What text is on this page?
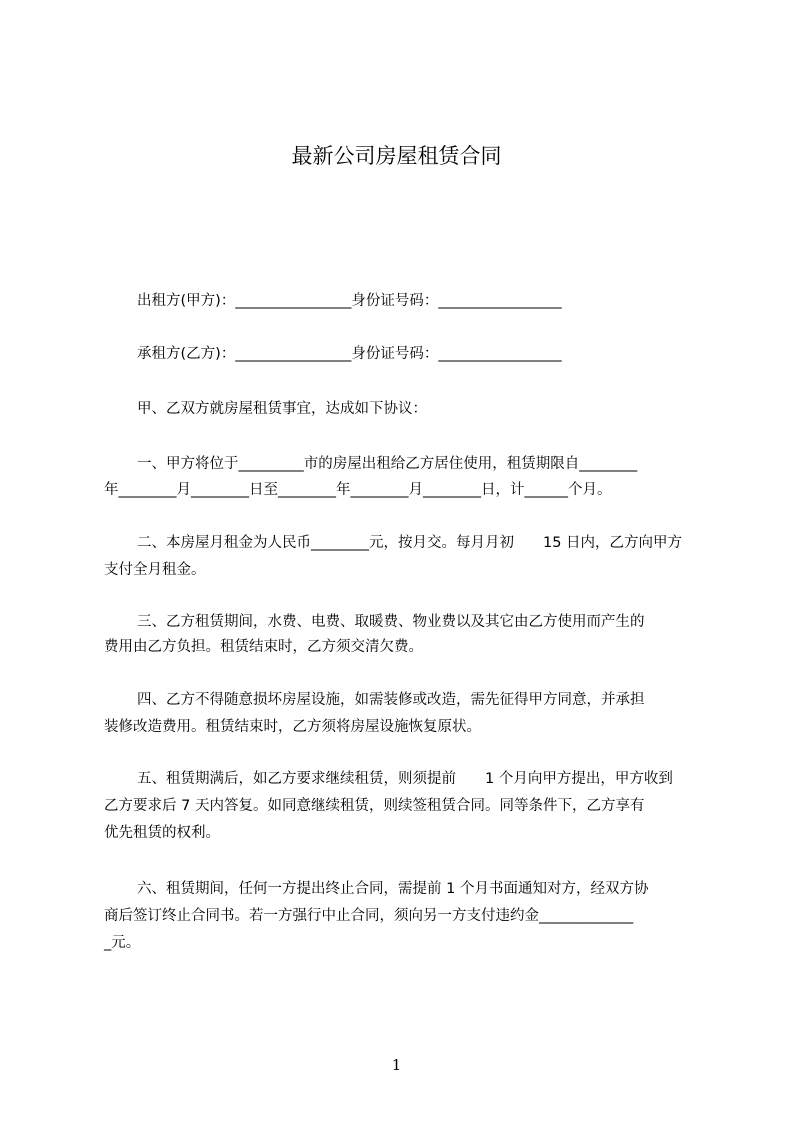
最新公司房屋租赁合同
出租方(甲方)：________________身份证号码：_________________
承租方(乙方)：________________身份证号码：_________________
甲、乙双方就房屋租赁事宜，达成如下协议：
一、甲方将位于_________市的房屋出租给乙方居住使用，租赁期限自________
年________月________日至________年________月________日，计______个月。
二、本房屋月租金为人民币________元，按月交。每月月初　　15 日内，乙方向甲方
支付全月租金。
三、乙方租赁期间，水费、电费、取暖费、物业费以及其它由乙方使用而产生的
费用由乙方负担。租赁结束时，乙方须交清欠费。
四、乙方不得随意损坏房屋设施，如需装修或改造，需先征得甲方同意，并承担
装修改造费用。租赁结束时，乙方须将房屋设施恢复原状。
五、租赁期满后，如乙方要求继续租赁，则须提前　　1 个月向甲方提出，甲方收到
乙方要求后 7 天内答复。如同意继续租赁，则续签租赁合同。同等条件下，乙方享有
优先租赁的权利。
六、租赁期间，任何一方提出终止合同，需提前 1 个月书面通知对方，经双方协
商后签订终止合同书。若一方强行中止合同，须向另一方支付违约金_____________
_元。
1
